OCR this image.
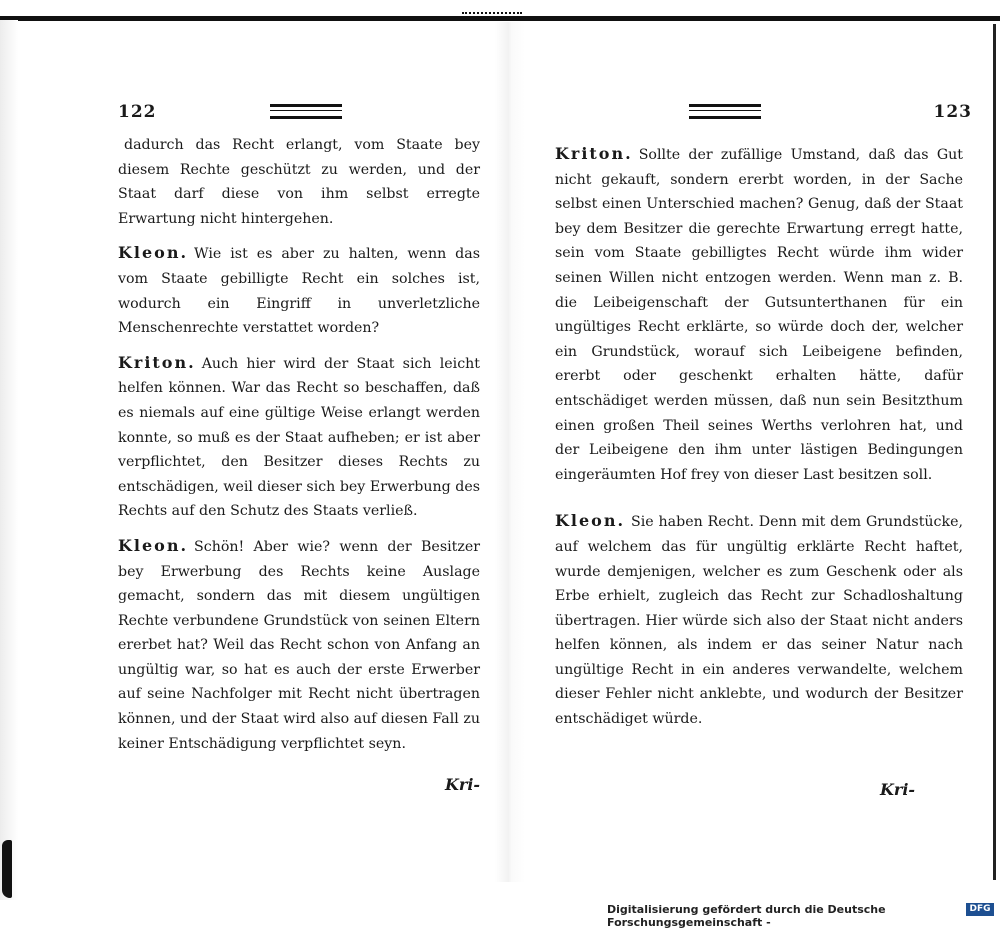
122

dadurch das Recht erlangt, vom Staate bey diesem Rechte geschützt zu werden, und der Staat darf diese von ihm selbst erregte Erwartung nicht hintergehen.

Kleon. Wie ist es aber zu halten, wenn das vom Staate gebilligte Recht ein solches ist, wodurch ein Eingriff in unverletzliche Menschenrechte verstattet worden?

Kriton. Auch hier wird der Staat sich leicht helfen können. War das Recht so beschaffen, daß es niemals auf eine gültige Weise erlangt werden konnte, so muß es der Staat aufheben; er ist aber verpflichtet, den Besitzer dieses Rechts zu entschädigen, weil dieser sich bey Erwerbung des Rechts auf den Schutz des Staats verließ.

Kleon. Schön! Aber wie? wenn der Besitzer bey Erwerbung des Rechts keine Auslage gemacht, sondern das mit diesem ungültigen Rechte verbundene Grundstück von seinen Eltern ererbet hat? Weil das Recht schon von Anfang an ungültig war, so hat es auch der erste Erwerber auf seine Nachfolger mit Recht nicht übertragen können, und der Staat wird also auf diesen Fall zu keiner Entschädigung verpflichtet seyn.

Kri-
123

Kriton. Sollte der zufällige Umstand, daß das Gut nicht gekauft, sondern ererbt worden, in der Sache selbst einen Unterschied machen? Genug, daß der Staat bey dem Besitzer die gerechte Erwartung erregt hatte, sein vom Staate gebilligtes Recht würde ihm wider seinen Willen nicht entzogen werden. Wenn man z. B. die Leibeigenschaft der Gutsunterthanen für ein ungültiges Recht erklärte, so würde doch der, welcher ein Grundstück, worauf sich Leibeigene befinden, ererbt oder geschenkt erhalten hätte, dafür entschädiget werden müssen, daß nun sein Besitzthum einen großen Theil seines Werths verlohren hat, und der Leibeigene den ihm unter lästigen Bedingungen eingeräumten Hof frey von dieser Last besitzen soll.

Kleon. Sie haben Recht. Denn mit dem Grundstücke, auf welchem das für ungültig erklärte Recht haftet, wurde demjenigen, welcher es zum Geschenk oder als Erbe erhielt, zugleich das Recht zur Schadloshaltung übertragen. Hier würde sich also der Staat nicht anders helfen können, als indem er das seiner Natur nach ungültige Recht in ein anderes verwandelte, welchem dieser Fehler nicht anklebte, und wodurch der Besitzer entschädiget würde.

Kri-
Digitalisierung gefördert durch die Deutsche Forschungsgemeinschaft -
DFG
